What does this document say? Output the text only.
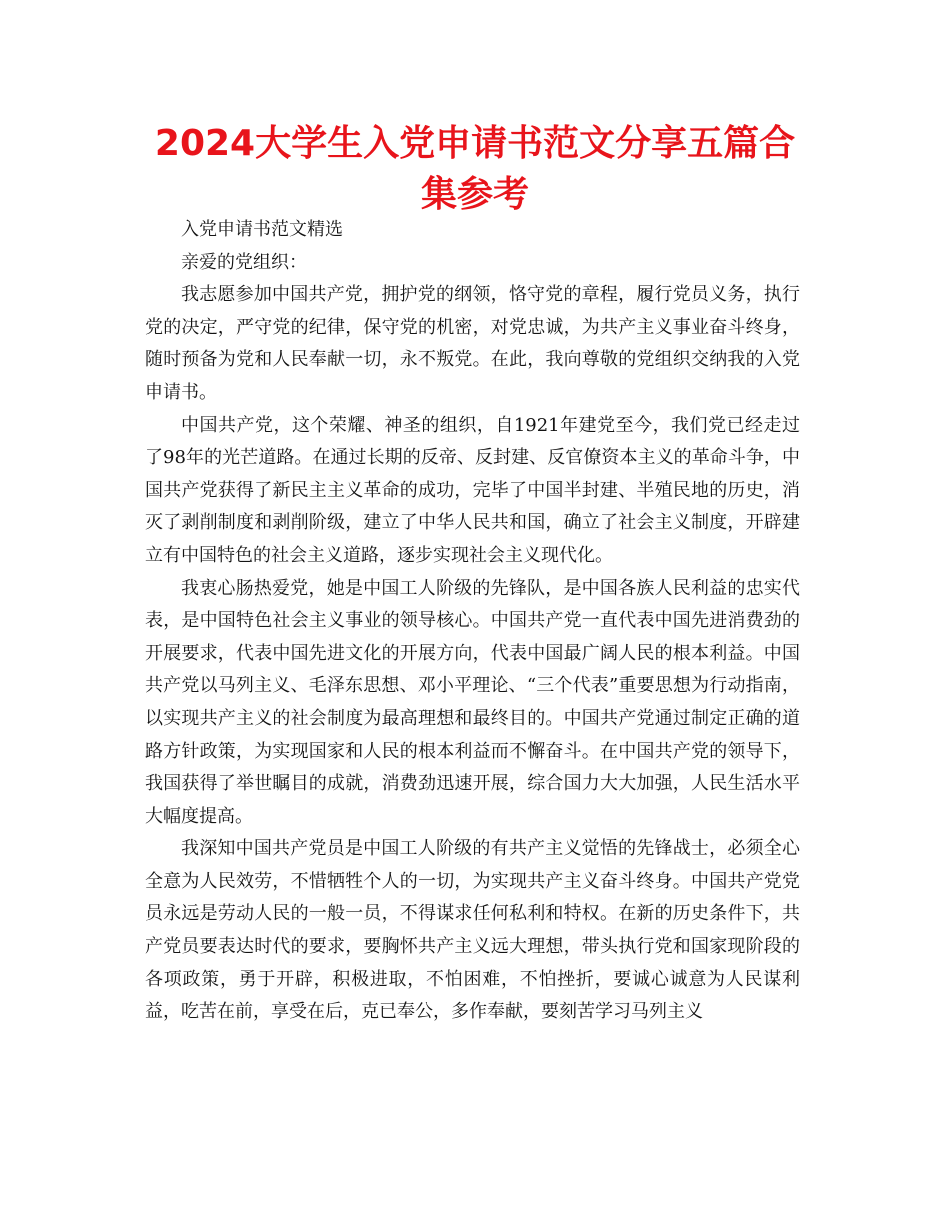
2024大学生入党申请书范文分享五篇合集参考

入党申请书范文精选

亲爱的党组织：

我志愿参加中国共产党，拥护党的纲领，恪守党的章程，履行党员义务，执行党的决定，严守党的纪律，保守党的机密，对党忠诚，为共产主义事业奋斗终身，随时预备为党和人民奉献一切，永不叛党。在此，我向尊敬的党组织交纳我的入党申请书。

中国共产党，这个荣耀、神圣的组织，自1921年建党至今，我们党已经走过了98年的光芒道路。在通过长期的反帝、反封建、反官僚资本主义的革命斗争，中国共产党获得了新民主主义革命的成功，完毕了中国半封建、半殖民地的历史，消灭了剥削制度和剥削阶级，建立了中华人民共和国，确立了社会主义制度，开辟建立有中国特色的社会主义道路，逐步实现社会主义现代化。

我衷心肠热爱党，她是中国工人阶级的先锋队，是中国各族人民利益的忠实代表，是中国特色社会主义事业的领导核心。中国共产党一直代表中国先进消费劲的开展要求，代表中国先进文化的开展方向，代表中国最广阔人民的根本利益。中国共产党以马列主义、毛泽东思想、邓小平理论、“三个代表”重要思想为行动指南，以实现共产主义的社会制度为最高理想和最终目的。中国共产党通过制定正确的道路方针政策，为实现国家和人民的根本利益而不懈奋斗。在中国共产党的领导下，我国获得了举世瞩目的成就，消费劲迅速开展，综合国力大大加强，人民生活水平大幅度提高。

我深知中国共产党员是中国工人阶级的有共产主义觉悟的先锋战士，必须全心全意为人民效劳，不惜牺牲个人的一切，为实现共产主义奋斗终身。中国共产党党员永远是劳动人民的一般一员，不得谋求任何私利和特权。在新的历史条件下，共产党员要表达时代的要求，要胸怀共产主义远大理想，带头执行党和国家现阶段的各项政策，勇于开辟，积极进取，不怕困难，不怕挫折，要诚心诚意为人民谋利益，吃苦在前，享受在后，克已奉公，多作奉献，要刻苦学习马列主义
